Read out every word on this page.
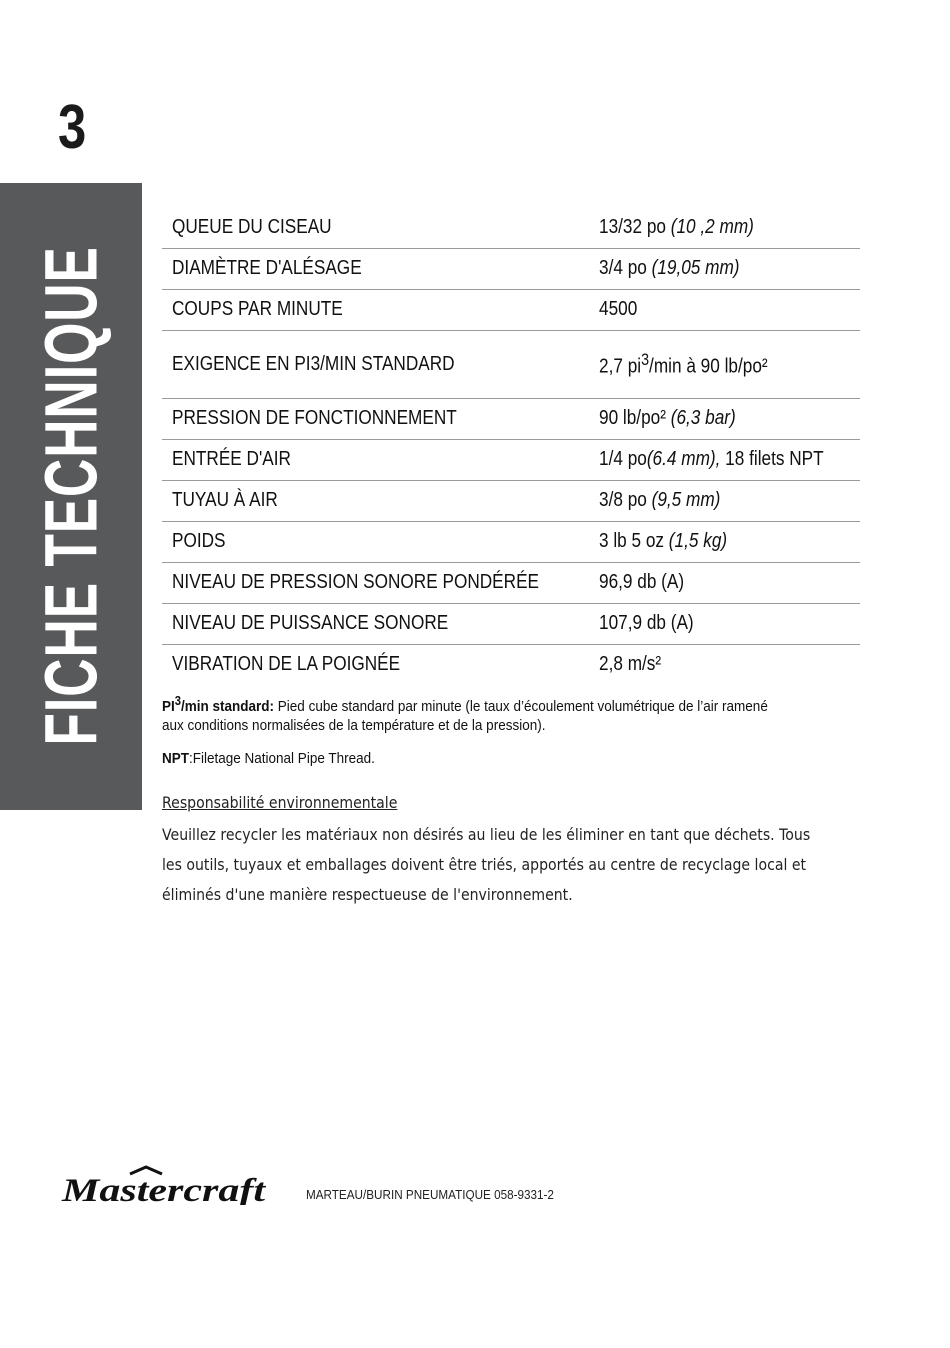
3
FICHE TECHNIQUE
QUEUE DU CISEAU	13/32 po (10 ,2 mm)
DIAMÈTRE D'ALÉSAGE	3/4 po (19,05 mm)
COUPS PAR MINUTE	4500
EXIGENCE EN PI3/MIN STANDARD	2,7 $pi^3/\min$ à 90 lb/po²
PRESSION DE FONCTIONNEMENT	90 lb/po² (6,3 bar)
ENTRÉE D'AIR	1/4 po(6.4 mm), 18 filets NPT
TUYAU À AIR	3/8 po (9,5 mm)
POIDS	3 lb 5 oz (1,5 kg)
NIVEAU DE PRESSION SONORE PONDÉRÉE	96,9 db (A)
NIVEAU DE PUISSANCE SONORE	107,9 db (A)
VIBRATION DE LA POIGNÉE	2,8 m/s²
$PI^3/\min$ standard: Pied cube standard par minute (le taux d’écoulement volumétrique de l’air ramené
aux conditions normalisées de la température et de la pression).
NPT:Filetage National Pipe Thread.
Responsabilité environnementale
Veuillez recycler les matériaux non désirés au lieu de les éliminer en tant que déchets. Tous
les outils, tuyaux et emballages doivent être triés, apportés au centre de recyclage local et
éliminés d'une manière respectueuse de l'environnement.
Mastercraft	MARTEAU/BURIN PNEUMATIQUE 058-9331-2
